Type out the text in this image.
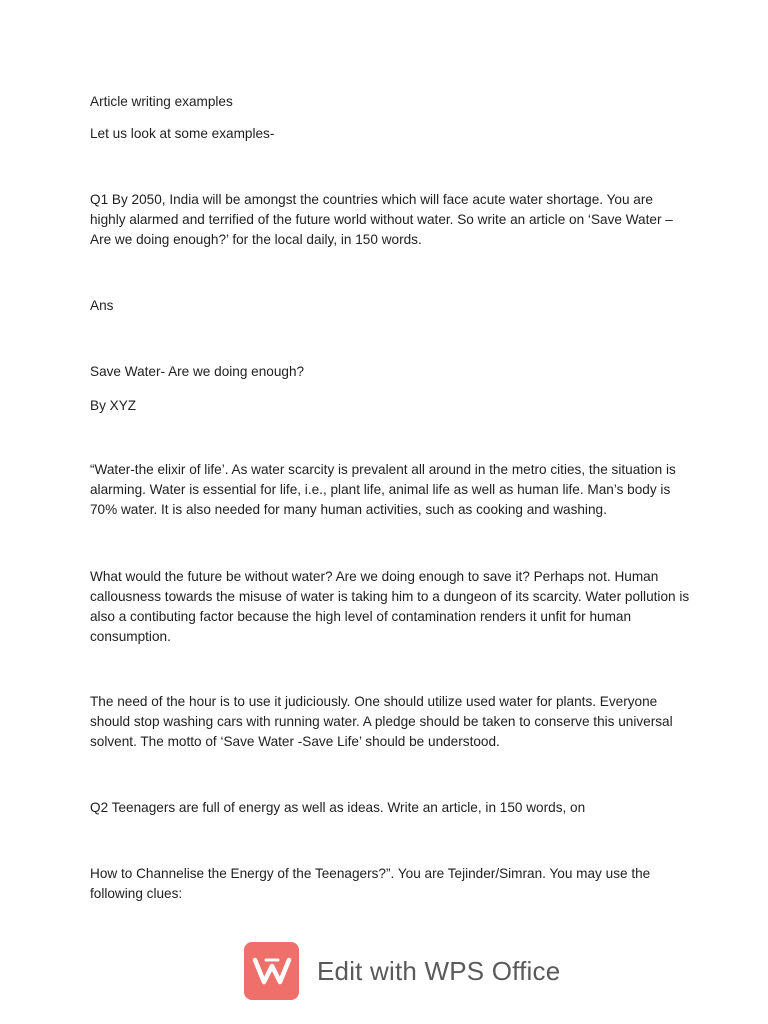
Article writing examples

Let us look at some examples-

Q1 By 2050, India will be amongst the countries which will face acute water shortage. You are highly alarmed and terrified of the future world without water. So write an article on ‘Save Water – Are we doing enough?’ for the local daily, in 150 words.

Ans

Save Water- Are we doing enough?

By XYZ

“Water-the elixir of life’. As water scarcity is prevalent all around in the metro cities, the situation is alarming. Water is essential for life, i.e., plant life, animal life as well as human life. Man’s body is 70% water. It is also needed for many human activities, such as cooking and washing.

What would the future be without water? Are we doing enough to save it? Perhaps not. Human callousness towards the misuse of water is taking him to a dungeon of its scarcity. Water pollution is also a contibuting factor because the high level of contamination renders it unfit for human consumption.

The need of the hour is to use it judiciously. One should utilize used water for plants. Everyone should stop washing cars with running water. A pledge should be taken to conserve this universal solvent. The motto of ‘Save Water -Save Life’ should be understood.

Q2 Teenagers are full of energy as well as ideas. Write an article, in 150 words, on

How to Channelise the Energy of the Teenagers?”. You are Tejinder/Simran. You may use the following clues:

Edit with WPS Office
